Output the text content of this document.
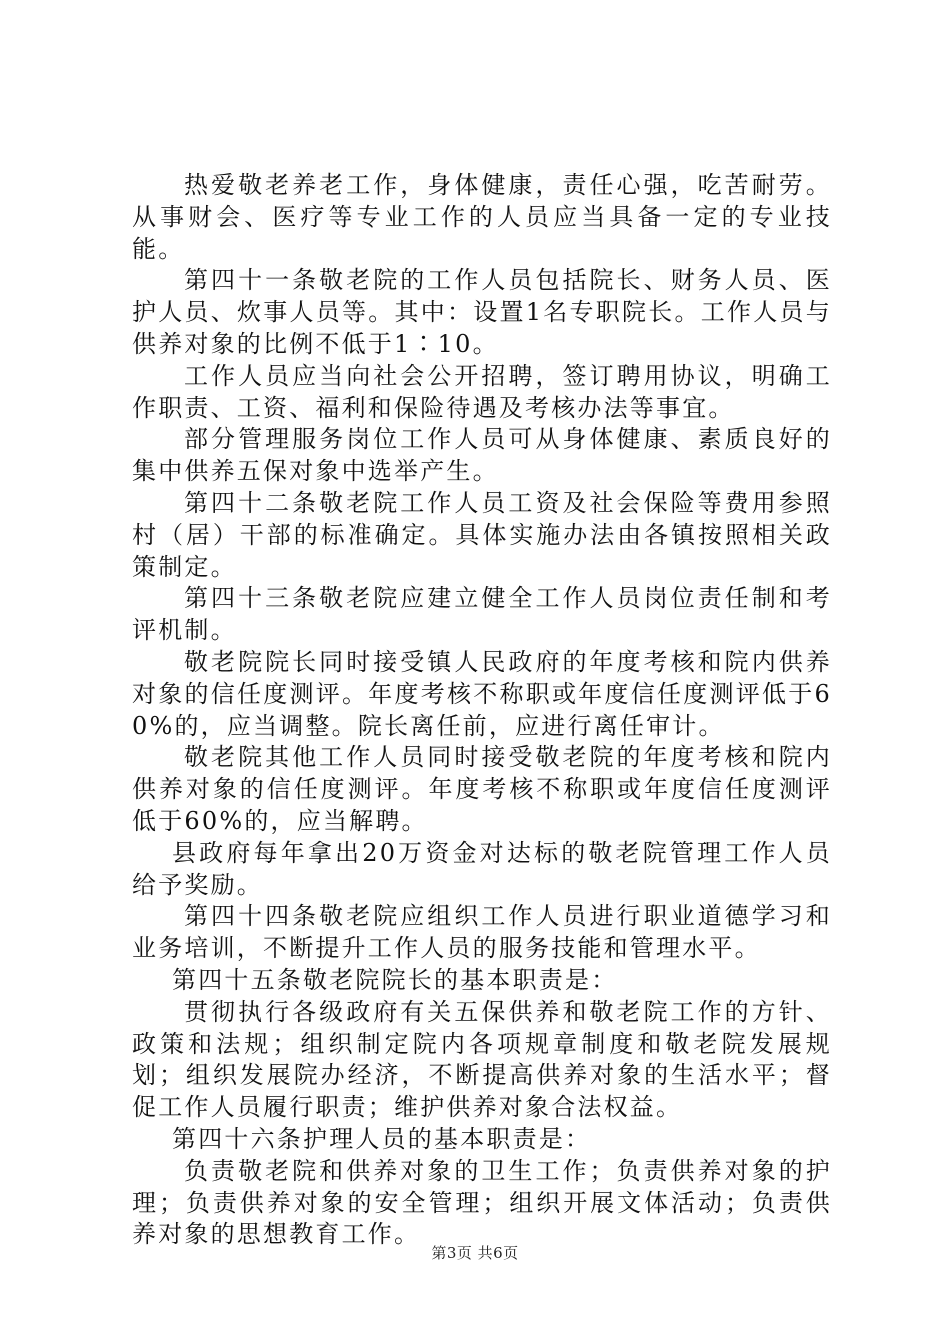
热爱敬老养老工作，身体健康，责任心强，吃苦耐劳。从事财会、医疗等专业工作的人员应当具备一定的专业技能。

第四十一条敬老院的工作人员包括院长、财务人员、医护人员、炊事人员等。其中：设置1名专职院长。工作人员与供养对象的比例不低于1∶10。

工作人员应当向社会公开招聘，签订聘用协议，明确工作职责、工资、福利和保险待遇及考核办法等事宜。

部分管理服务岗位工作人员可从身体健康、素质良好的集中供养五保对象中选举产生。

第四十二条敬老院工作人员工资及社会保险等费用参照村（居）干部的标准确定。具体实施办法由各镇按照相关政策制定。

第四十三条敬老院应建立健全工作人员岗位责任制和考评机制。

敬老院院长同时接受镇人民政府的年度考核和院内供养对象的信任度测评。年度考核不称职或年度信任度测评低于60%的，应当调整。院长离任前，应进行离任审计。

敬老院其他工作人员同时接受敬老院的年度考核和院内供养对象的信任度测评。年度考核不称职或年度信任度测评低于60%的，应当解聘。

县政府每年拿出20万资金对达标的敬老院管理工作人员给予奖励。

第四十四条敬老院应组织工作人员进行职业道德学习和业务培训，不断提升工作人员的服务技能和管理水平。

第四十五条敬老院院长的基本职责是：

贯彻执行各级政府有关五保供养和敬老院工作的方针、政策和法规；组织制定院内各项规章制度和敬老院发展规划；组织发展院办经济，不断提高供养对象的生活水平；督促工作人员履行职责；维护供养对象合法权益。

第四十六条护理人员的基本职责是：

负责敬老院和供养对象的卫生工作；负责供养对象的护理；负责供养对象的安全管理；组织开展文体活动；负责供养对象的思想教育工作。

第3页 共6页
